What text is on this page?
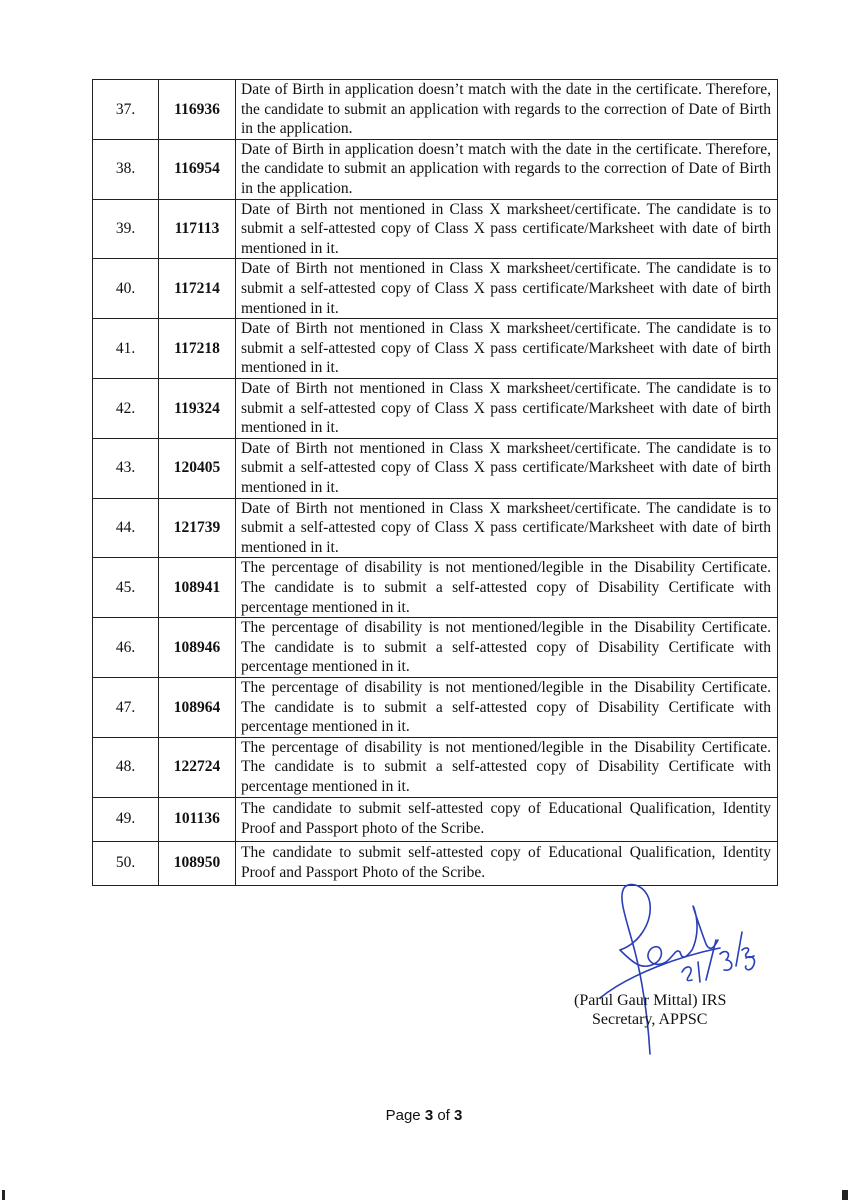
37.	116936	Date of Birth in application doesn’t match with the date in the certificate. Therefore, the candidate to submit an application with regards to the correction of Date of Birth in the application.
38.	116954	Date of Birth in application doesn’t match with the date in the certificate. Therefore, the candidate to submit an application with regards to the correction of Date of Birth in the application.
39.	117113	Date of Birth not mentioned in Class X marksheet/certificate. The candidate is to submit a self-attested copy of Class X pass certificate/Marksheet with date of birth mentioned in it.
40.	117214	Date of Birth not mentioned in Class X marksheet/certificate. The candidate is to submit a self-attested copy of Class X pass certificate/Marksheet with date of birth mentioned in it.
41.	117218	Date of Birth not mentioned in Class X marksheet/certificate. The candidate is to submit a self-attested copy of Class X pass certificate/Marksheet with date of birth mentioned in it.
42.	119324	Date of Birth not mentioned in Class X marksheet/certificate. The candidate is to submit a self-attested copy of Class X pass certificate/Marksheet with date of birth mentioned in it.
43.	120405	Date of Birth not mentioned in Class X marksheet/certificate. The candidate is to submit a self-attested copy of Class X pass certificate/Marksheet with date of birth mentioned in it.
44.	121739	Date of Birth not mentioned in Class X marksheet/certificate. The candidate is to submit a self-attested copy of Class X pass certificate/Marksheet with date of birth mentioned in it.
45.	108941	The percentage of disability is not mentioned/legible in the Disability Certificate. The candidate is to submit a self-attested copy of Disability Certificate with percentage mentioned in it.
46.	108946	The percentage of disability is not mentioned/legible in the Disability Certificate. The candidate is to submit a self-attested copy of Disability Certificate with percentage mentioned in it.
47.	108964	The percentage of disability is not mentioned/legible in the Disability Certificate. The candidate is to submit a self-attested copy of Disability Certificate with percentage mentioned in it.
48.	122724	The percentage of disability is not mentioned/legible in the Disability Certificate. The candidate is to submit a self-attested copy of Disability Certificate with percentage mentioned in it.
49.	101136	The candidate to submit self-attested copy of Educational Qualification, Identity Proof and Passport photo of the Scribe.
50.	108950	The candidate to submit self-attested copy of Educational Qualification, Identity Proof and Passport Photo of the Scribe.
(Parul Gaur Mittal) IRS
Secretary, APPSC
Page 3 of 3
